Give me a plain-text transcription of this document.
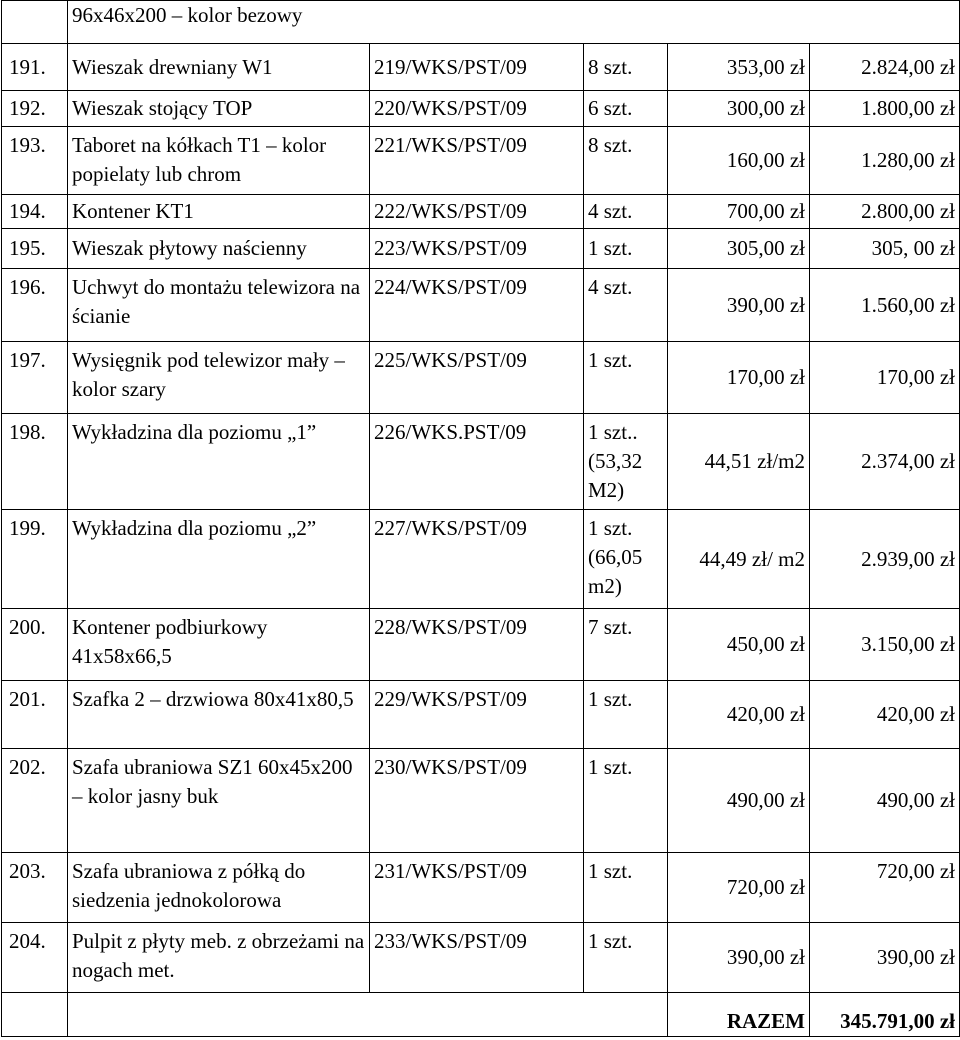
	96x46x200 – kolor bezowy				
191.	Wieszak drewniany W1	219/WKS/PST/09	8 szt.	353,00 zł	2.824,00 zł
192.	Wieszak stojący TOP	220/WKS/PST/09	6 szt.	300,00 zł	1.800,00 zł
193.	Taboret na kółkach T1 – kolor popielaty lub chrom	221/WKS/PST/09	8 szt.	160,00 zł	1.280,00 zł
194.	Kontener KT1	222/WKS/PST/09	4 szt.	700,00 zł	2.800,00 zł
195.	Wieszak płytowy naścienny	223/WKS/PST/09	1 szt.	305,00 zł	305, 00 zł
196.	Uchwyt do montażu telewizora na ścianie	224/WKS/PST/09	4 szt.	390,00 zł	1.560,00 zł
197.	Wysięgnik pod telewizor mały – kolor szary	225/WKS/PST/09	1 szt.	170,00 zł	170,00 zł
198.	Wykładzina dla poziomu „1”	226/WKS.PST/09	1 szt.. (53,32 M2)	44,51 zł/m2	2.374,00 zł
199.	Wykładzina dla poziomu „2”	227/WKS/PST/09	1 szt. (66,05 m2)	44,49 zł/ m2	2.939,00 zł
200.	Kontener podbiurkowy 41x58x66,5	228/WKS/PST/09	7 szt.	450,00 zł	3.150,00 zł
201.	Szafka 2 – drzwiowa 80x41x80,5	229/WKS/PST/09	1 szt.	420,00 zł	420,00 zł
202.	Szafa ubraniowa SZ1 60x45x200 – kolor jasny buk	230/WKS/PST/09	1 szt.	490,00 zł	490,00 zł
203.	Szafa ubraniowa z półką do siedzenia jednokolorowa	231/WKS/PST/09	1 szt.	720,00 zł	720,00 zł
204.	Pulpit z płyty meb. z obrzeżami na nogach met.	233/WKS/PST/09	1 szt.	390,00 zł	390,00 zł
				RAZEM	345.791,00 zł
